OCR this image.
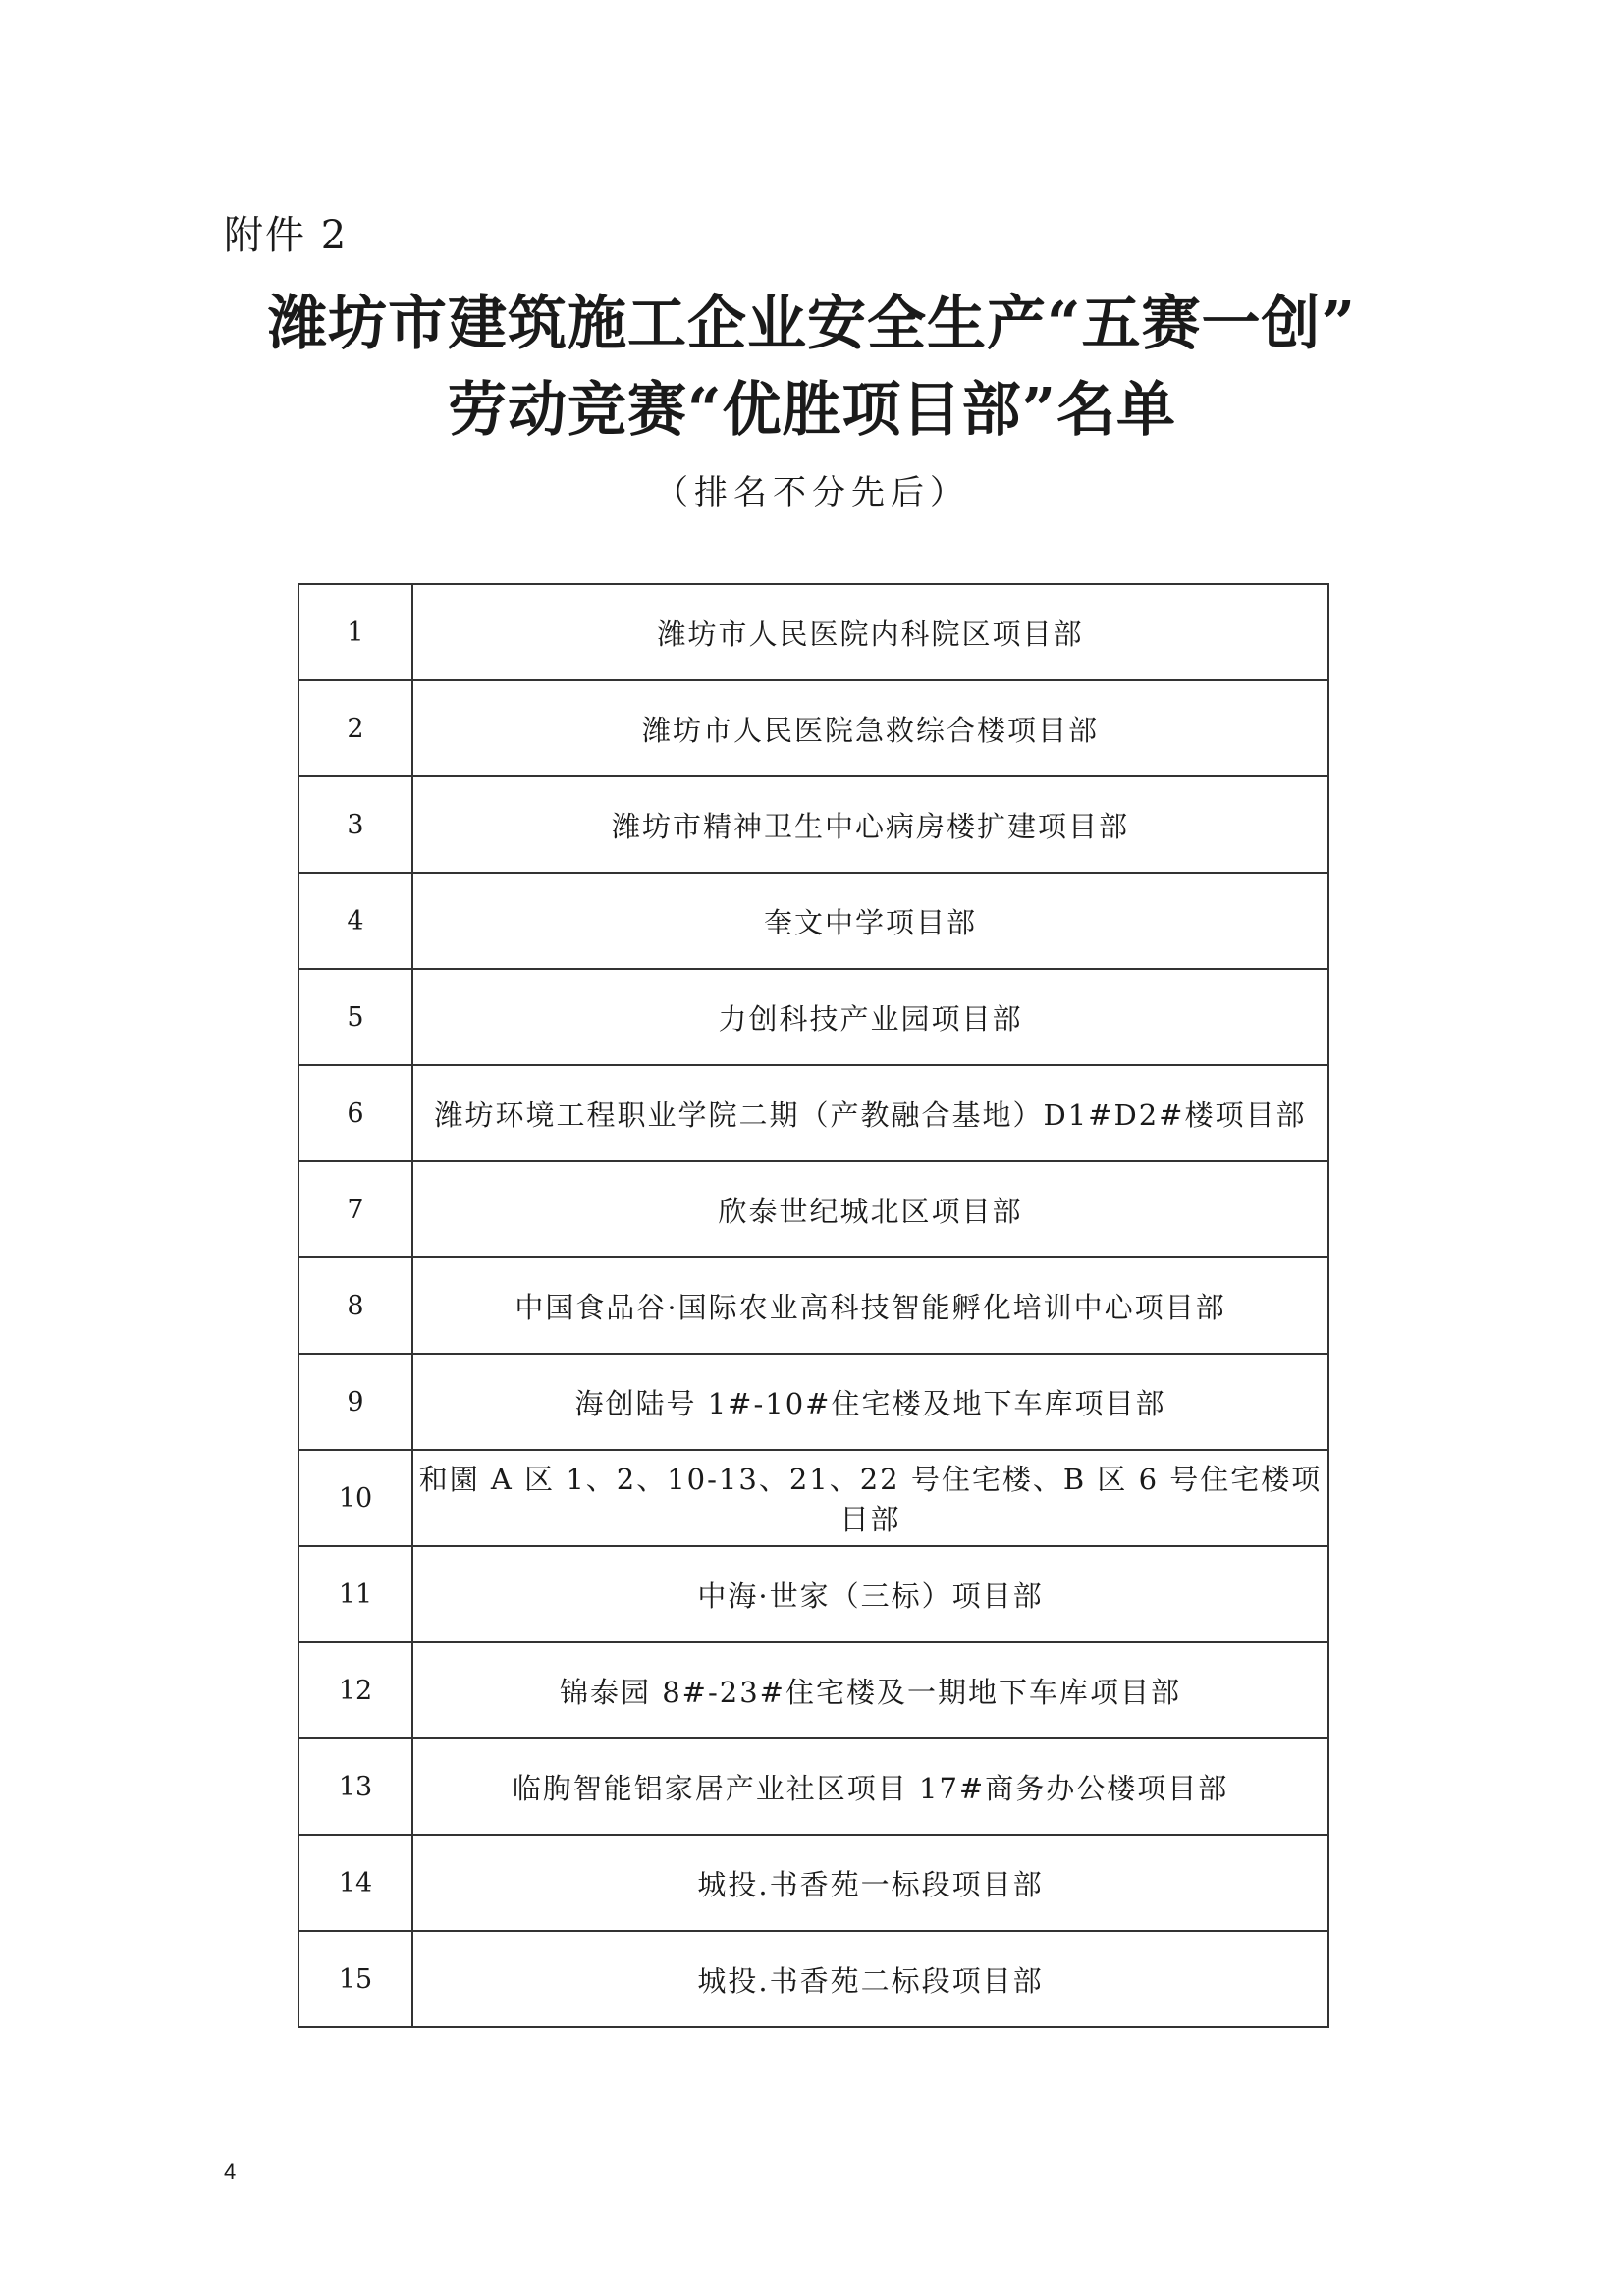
附件 2
潍坊市建筑施工企业安全生产“五赛一创”
劳动竞赛“优胜项目部”名单
（排名不分先后）
1	潍坊市人民医院内科院区项目部
2	潍坊市人民医院急救综合楼项目部
3	潍坊市精神卫生中心病房楼扩建项目部
4	奎文中学项目部
5	力创科技产业园项目部
6	潍坊环境工程职业学院二期（产教融合基地）D1#D2#楼项目部
7	欣泰世纪城北区项目部
8	中国食品谷·国际农业高科技智能孵化培训中心项目部
9	海创陆号 1#-10#住宅楼及地下车库项目部
10	和園 A 区 1、2、10-13、21、22 号住宅楼、B 区 6 号住宅楼项目部
11	中海·世家（三标）项目部
12	锦泰园 8#-23#住宅楼及一期地下车库项目部
13	临朐智能铝家居产业社区项目 17#商务办公楼项目部
14	城投.书香苑一标段项目部
15	城投.书香苑二标段项目部
4
